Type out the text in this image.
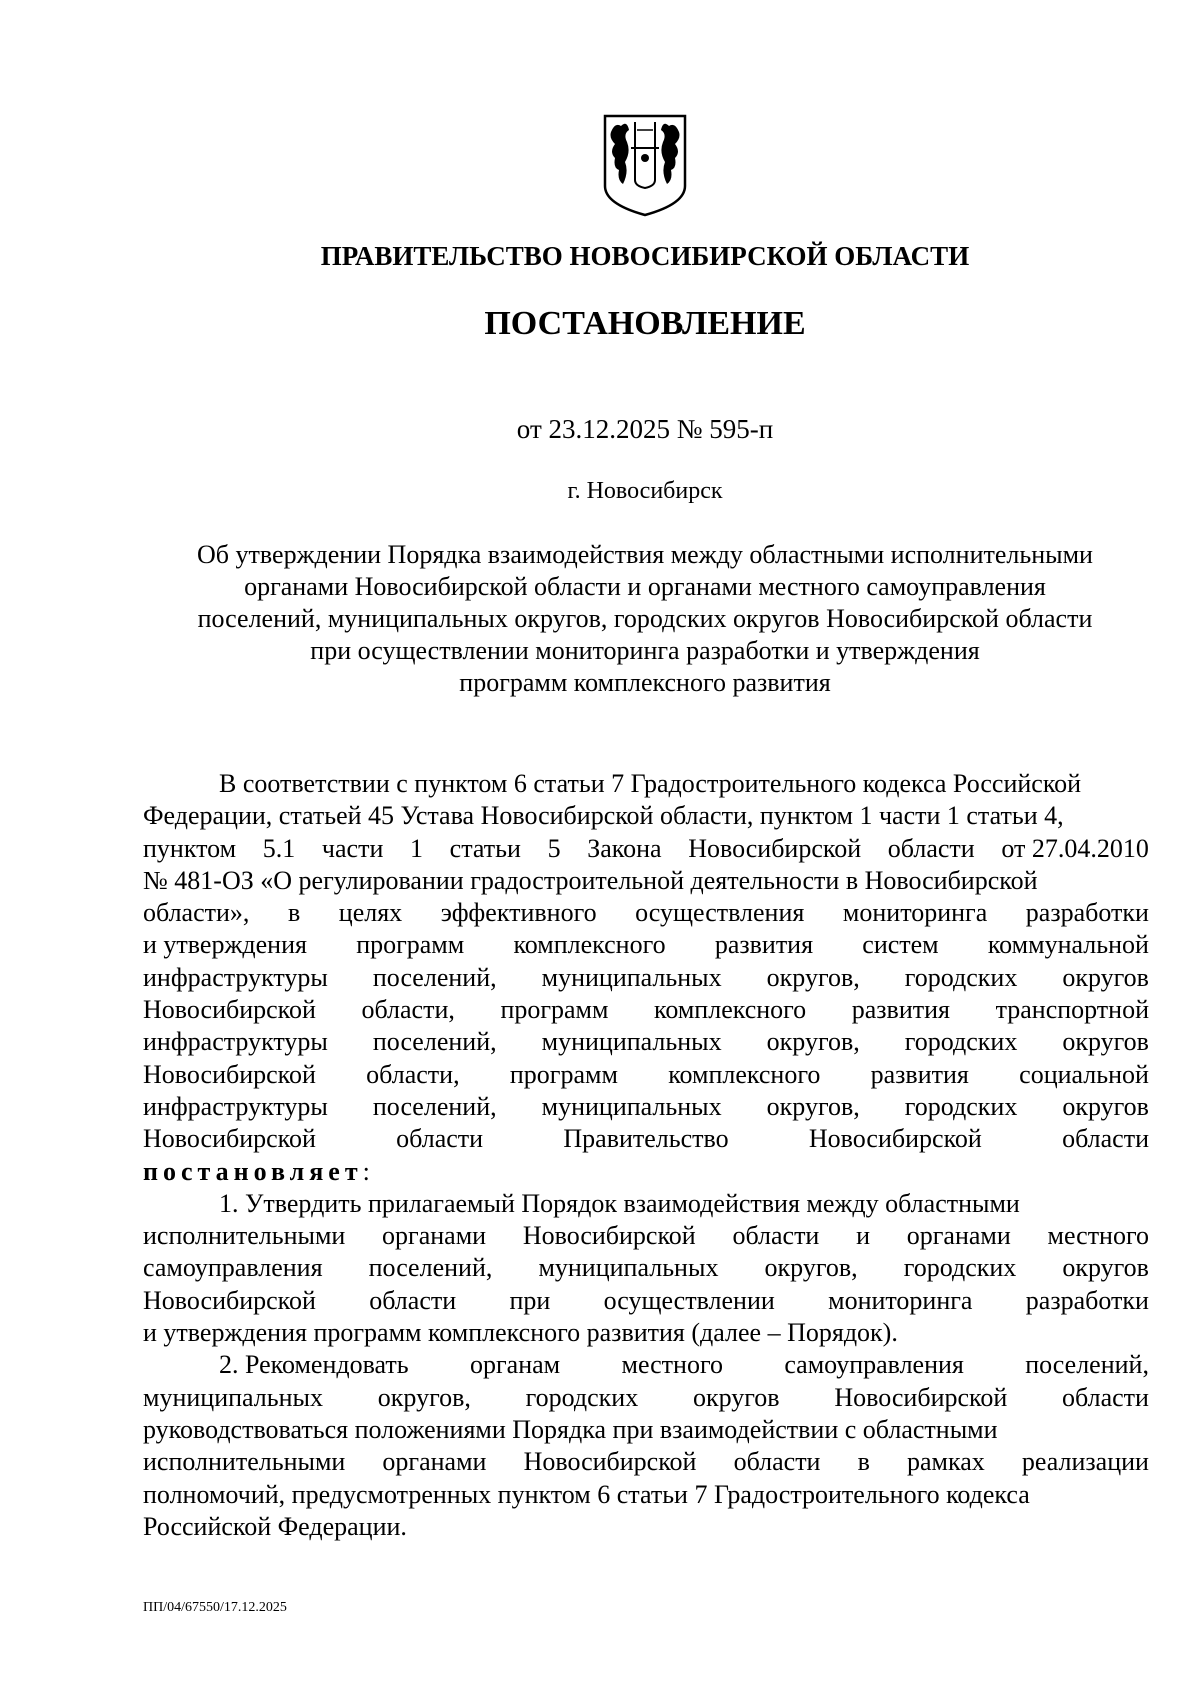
ПРАВИТЕЛЬСТВО НОВОСИБИРСКОЙ ОБЛАСТИ
ПОСТАНОВЛЕНИЕ
от 23.12.2025 № 595-п
г. Новосибирск
Об утверждении Порядка взаимодействия между областными исполнительными
органами Новосибирской области и органами местного самоуправления
поселений, муниципальных округов, городских округов Новосибирской области
при осуществлении мониторинга разработки и утверждения
программ комплексного развития
В соответствии с пунктом 6 статьи 7 Градостроительного кодекса Российской
Федерации, статьей 45 Устава Новосибирской области, пунктом 1 части 1 статьи 4,
пунктом 5.1 части 1 статьи 5 Закона Новосибирской области от 27.04.2010
№ 481-ОЗ «О регулировании градостроительной деятельности в Новосибирской
области», в целях эффективного осуществления мониторинга разработки
и утверждения программ комплексного развития систем коммунальной
инфраструктуры поселений, муниципальных округов, городских округов
Новосибирской области, программ комплексного развития транспортной
инфраструктуры поселений, муниципальных округов, городских округов
Новосибирской области, программ комплексного развития социальной
инфраструктуры поселений, муниципальных округов, городских округов
Новосибирской	области	Правительство	Новосибирской	области
постановляет:
1. Утвердить прилагаемый Порядок взаимодействия между областными
исполнительными органами Новосибирской области и органами местного
самоуправления поселений, муниципальных округов, городских округов
Новосибирской области при осуществлении мониторинга разработки
и утверждения программ комплексного развития (далее – Порядок).
2. Рекомендовать органам местного самоуправления поселений,
муниципальных округов, городских округов Новосибирской области
руководствоваться положениями Порядка при взаимодействии с областными
исполнительными органами Новосибирской области в рамках реализации
полномочий, предусмотренных пунктом 6 статьи 7 Градостроительного кодекса
Российской Федерации.
ПП/04/67550/17.12.2025
